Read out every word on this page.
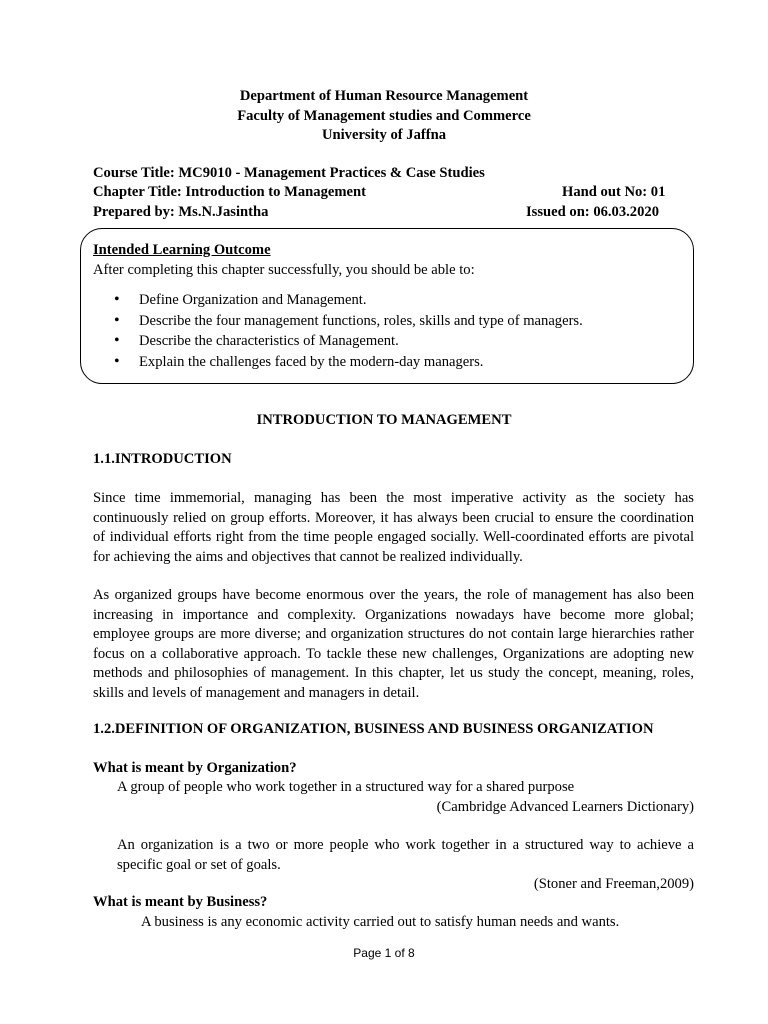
Department of Human Resource Management
Faculty of Management studies and Commerce
University of Jaffna
Course Title: MC9010 - Management Practices & Case Studies
Chapter Title: Introduction to Management	Hand out No: 01
Prepared by: Ms.N.Jasintha	Issued on: 06.03.2020
Intended Learning Outcome
After completing this chapter successfully, you should be able to:
• Define Organization and Management.
• Describe the four management functions, roles, skills and type of managers.
• Describe the characteristics of Management.
• Explain the challenges faced by the modern-day managers.
INTRODUCTION TO MANAGEMENT
1.1.INTRODUCTION
Since time immemorial, managing has been the most imperative activity as the society has continuously relied on group efforts. Moreover, it has always been crucial to ensure the coordination of individual efforts right from the time people engaged socially. Well-coordinated efforts are pivotal for achieving the aims and objectives that cannot be realized individually.
As organized groups have become enormous over the years, the role of management has also been increasing in importance and complexity. Organizations nowadays have become more global; employee groups are more diverse; and organization structures do not contain large hierarchies rather focus on a collaborative approach. To tackle these new challenges, Organizations are adopting new methods and philosophies of management. In this chapter, let us study the concept, meaning, roles, skills and levels of management and managers in detail.
1.2.DEFINITION OF ORGANIZATION, BUSINESS AND BUSINESS ORGANIZATION
What is meant by Organization?
A group of people who work together in a structured way for a shared purpose
(Cambridge Advanced Learners Dictionary)
An organization is a two or more people who work together in a structured way to achieve a specific goal or set of goals.
(Stoner and Freeman,2009)
What is meant by Business?
A business is any economic activity carried out to satisfy human needs and wants.
Page 1 of 8
